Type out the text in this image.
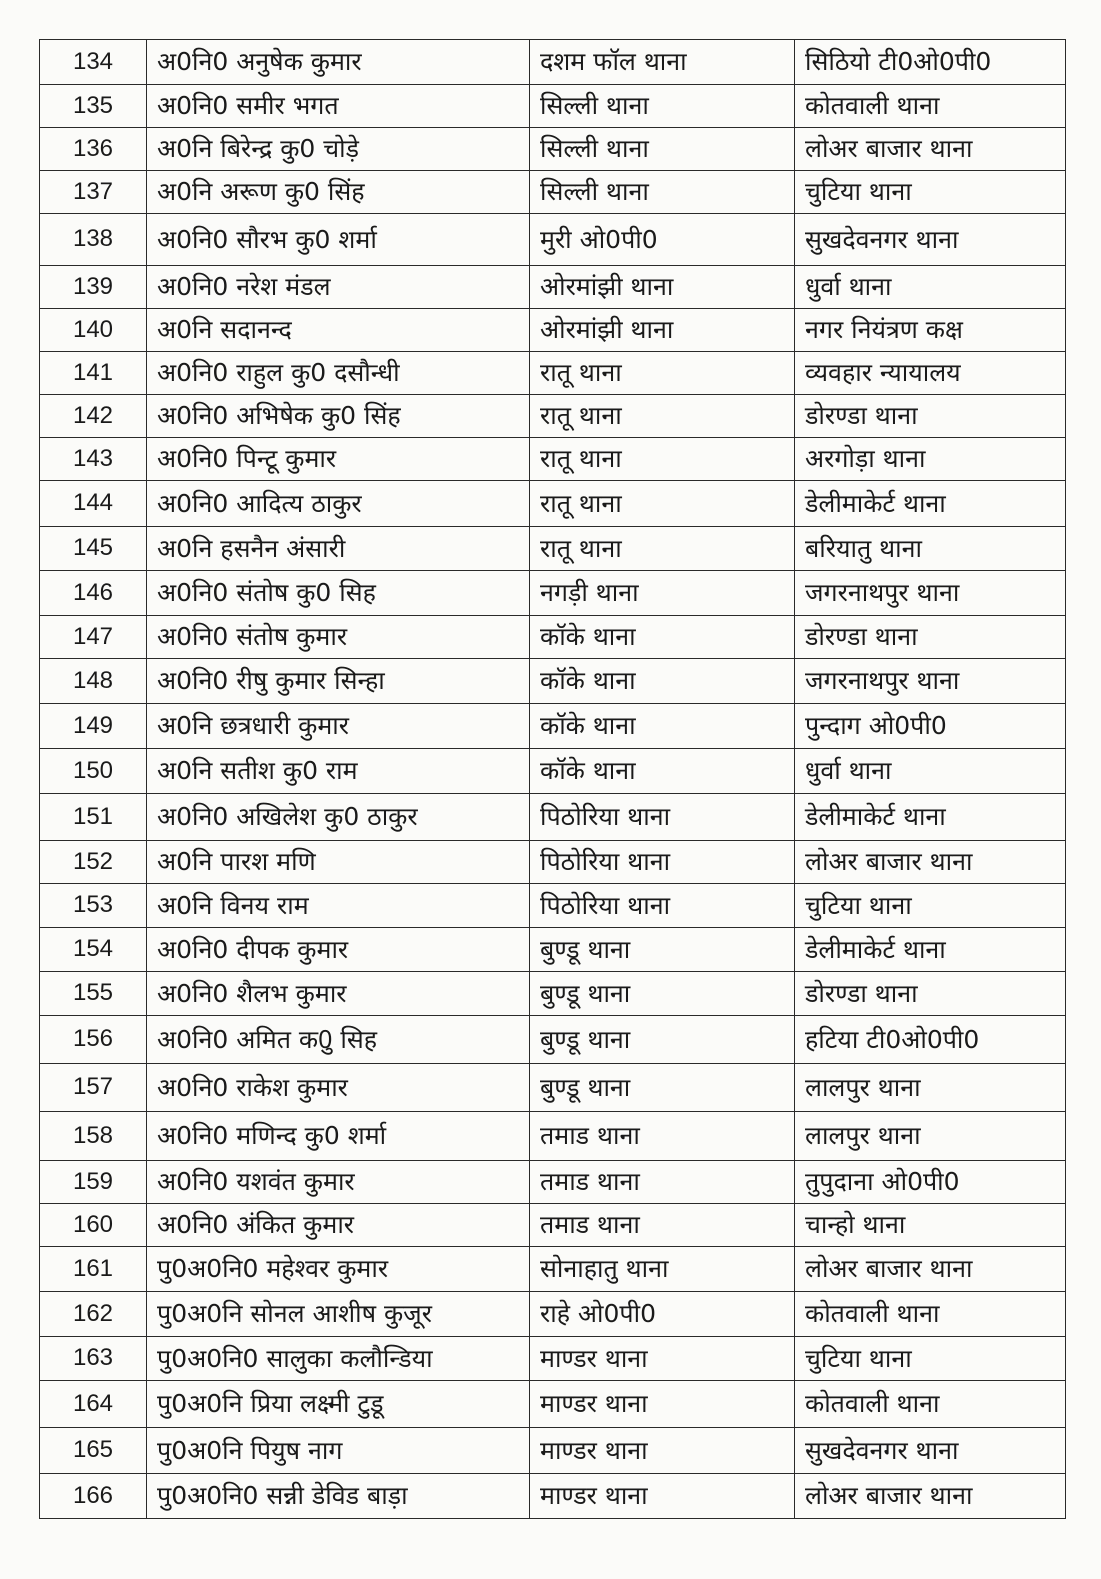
134	अ0नि0 अनुषेक कुमार	दशम फॉल थाना	सिठियो टी0ओ0पी0
135	अ0नि0 समीर भगत	सिल्ली थाना	कोतवाली थाना
136	अ0नि बिरेन्द्र कु0 चोड़े	सिल्ली थाना	लोअर बाजार थाना
137	अ0नि अरूण कु0 सिंह	सिल्ली थाना	चुटिया थाना
138	अ0नि0 सौरभ कु0 शर्मा	मुरी ओ0पी0	सुखदेवनगर थाना
139	अ0नि0 नरेश मंडल	ओरमांझी थाना	धुर्वा थाना
140	अ0नि सदानन्द	ओरमांझी थाना	नगर नियंत्रण कक्ष
141	अ0नि0 राहुल कु0 दसौन्धी	रातू थाना	व्यवहार न्यायालय
142	अ0नि0 अभिषेक कु0 सिंह	रातू थाना	डोरण्डा थाना
143	अ0नि0 पिन्टू कुमार	रातू थाना	अरगोड़ा थाना
144	अ0नि0 आदित्य ठाकुर	रातू थाना	डेलीमाकेर्ट थाना
145	अ0नि हसनैन अंसारी	रातू थाना	बरियातु थाना
146	अ0नि0 संतोष कु0 सिह	नगड़ी थाना	जगरनाथपुर थाना
147	अ0नि0 संतोष कुमार	कॉके थाना	डोरण्डा थाना
148	अ0नि0 रीषु कुमार सिन्हा	कॉके थाना	जगरनाथपुर थाना
149	अ0नि छत्रधारी कुमार	कॉके थाना	पुन्दाग ओ0पी0
150	अ0नि सतीश कु0 राम	कॉके थाना	धुर्वा थाना
151	अ0नि0 अखिलेश कु0 ठाकुर	पिठोरिया थाना	डेलीमाकेर्ट थाना
152	अ0नि पारश मणि	पिठोरिया थाना	लोअर बाजार थाना
153	अ0नि विनय राम	पिठोरिया थाना	चुटिया थाना
154	अ0नि0 दीपक कुमार	बुण्डू थाना	डेलीमाकेर्ट थाना
155	अ0नि0 शैलभ कुमार	बुण्डू थाना	डोरण्डा थाना
156	अ0नि0 अमित क0ु सिह	बुण्डू थाना	हटिया टी0ओ0पी0
157	अ0नि0 राकेश कुमार	बुण्डू थाना	लालपुर थाना
158	अ0नि0 मणिन्द कु0 शर्मा	तमाड थाना	लालपुर थाना
159	अ0नि0 यशवंत कुमार	तमाड थाना	तुपुदाना ओ0पी0
160	अ0नि0 अंकित कुमार	तमाड थाना	चान्हो थाना
161	पु0अ0नि0 महेश्वर कुमार	सोनाहातु थाना	लोअर बाजार थाना
162	पु0अ0नि सोनल आशीष कुजूर	राहे ओ0पी0	कोतवाली थाना
163	पु0अ0नि0 सालुका कलौन्डिया	माण्डर थाना	चुटिया थाना
164	पु0अ0नि प्रिया लक्ष्मी टुडू	माण्डर थाना	कोतवाली थाना
165	पु0अ0नि पियुष नाग	माण्डर थाना	सुखदेवनगर थाना
166	पु0अ0नि0 सन्नी डेविड बाड़ा	माण्डर थाना	लोअर बाजार थाना
